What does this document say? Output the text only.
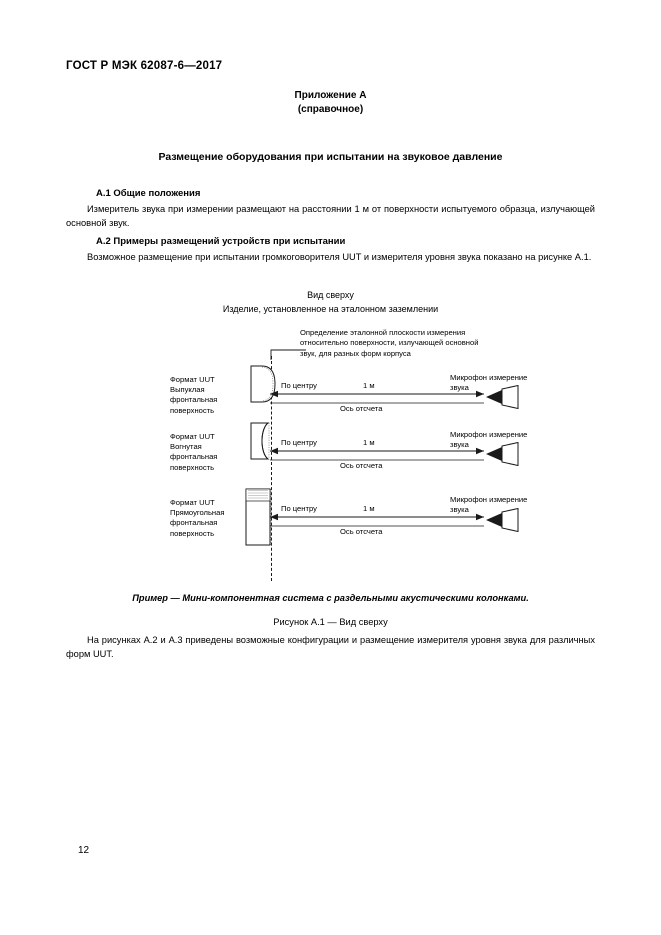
ГОСТ Р МЭК 62087-6—2017
Приложение А
(справочное)
Размещение оборудования при испытании на звуковое давление
А.1 Общие положения
Измеритель звука при измерении размещают на расстоянии 1 м от поверхности испытуемого образца, излучающей основной звук.
А.2 Примеры размещений устройств при испытании
Возможное размещение при испытании громкоговорителя UUT и измерителя уровня звука показано на рисунке А.1.
Вид сверху
Изделие, установленное на эталонном заземлении
Определение эталонной плоскости измерения относительно поверхности, излучающей основной звук, для разных форм корпуса
Формат UUT Выпуклая фронтальная поверхность
По центру	1 м
Ось отсчета
Микрофон измерение звука
Формат UUT Вогнутая фронтальная поверхность
По центру	1 м
Ось отсчета
Микрофон измерение звука
Формат UUT Прямоугольная фронтальная поверхность
По центру	1 м
Ось отсчета
Микрофон измерение звука
Пример — Мини-компонентная система с раздельными акустическими колонками.
Рисунок А.1 — Вид сверху
На рисунках А.2 и А.3 приведены возможные конфигурации и размещение измерителя уровня звука для различных форм UUT.
12
